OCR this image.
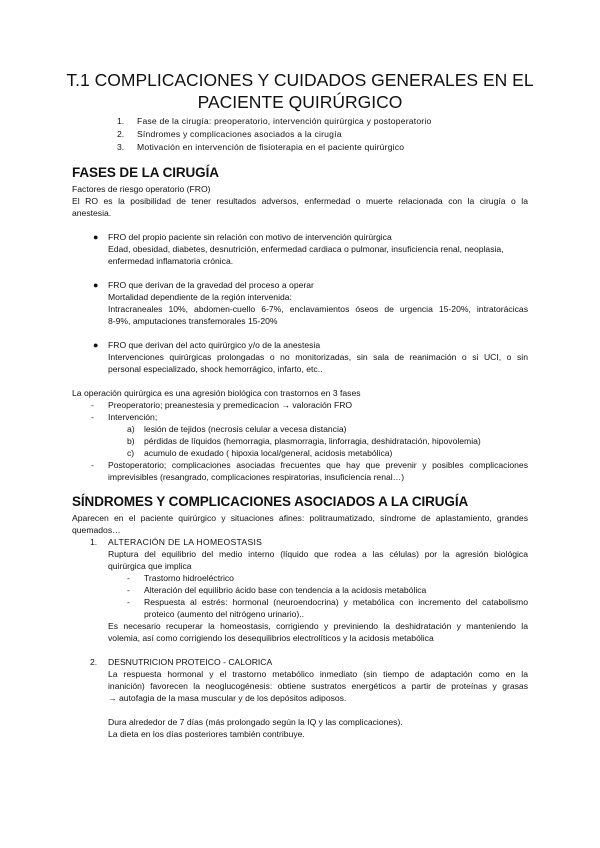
T.1 COMPLICACIONES Y CUIDADOS GENERALES EN EL
PACIENTE QUIRÚRGICO
1. Fase de la cirugía: preoperatorio, intervención quirúrgica y postoperatorio
2. Síndromes y complicaciones asociados a la cirugía
3. Motivación en intervención de fisioterapia en el paciente quirúrgico
FASES DE LA CIRUGÍA
Factores de riesgo operatorio (FRO)
El RO es la posibilidad de tener resultados adversos, enfermedad o muerte relacionada con la cirugía o la
anestesia.
● FRO del propio paciente sin relación con motivo de intervención quirúrgica
Edad, obesidad, diabetes, desnutrición, enfermedad cardiaca o pulmonar, insuficiencia renal, neoplasia,
enfermedad inflamatoria crónica.
● FRO que derivan de la gravedad del proceso a operar
Mortalidad dependiente de la región intervenida:
Intracraneales 10%, abdomen-cuello 6-7%, enclavamientos óseos de urgencia 15-20%, intratorácicas
8-9%, amputaciones transfemorales 15-20%
● FRO que derivan del acto quirúrgico y/o de la anestesia
Intervenciones quirúrgicas prolongadas o no monitorizadas, sin sala de reanimación o si UCI, o sin
personal especializado, shock hemorrágico, infarto, etc..
La operación quirúrgica es una agresión biológica con trastornos en 3 fases
- Preoperatorio; preanestesia y premedicacion → valoración FRO
- Intervención;
a) lesión de tejidos (necrosis celular a vecesa distancia)
b) pérdidas de líquidos (hemorragia, plasmorragia, linforragia, deshidratación, hipovolemia)
c) acumulo de exudado ( hipoxia local/general, acidosis metabólica)
- Postoperatorio; complicaciones asociadas frecuentes que hay que prevenir y posibles complicaciones
imprevisibles (resangrado, complicaciones respiratorias, insuficiencia renal…)
SÍNDROMES Y COMPLICACIONES ASOCIADOS A LA CIRUGÍA
Aparecen en el paciente quirúrgico y situaciones afines: politraumatizado, síndrome de aplastamiento, grandes
quemados…
1. ALTERACIÓN DE LA HOMEOSTASIS
Ruptura del equilibrio del medio interno (líquido que rodea a las células) por la agresión biológica
quirúrgica que implica
- Trastorno hidroeléctrico
- Alteración del equilibrio ácido base con tendencia a la acidosis metabólica
- Respuesta al estrés: hormonal (neuroendocrina) y metabólica con incremento del catabolismo
proteico (aumento del nitrógeno urinario)..
Es necesario recuperar la homeostasis, corrigiendo y previniendo la deshidratación y manteniendo la
volemia, así como corrigiendo los desequilibrios electrolíticos y la acidosis metabólica
2. DESNUTRICION PROTEICO - CALORICA
La respuesta hormonal y el trastorno metabólico inmediato (sin tiempo de adaptación como en la
inanición) favorecen la neoglucogénesis: obtiene sustratos energéticos a partir de proteínas y grasas
→ autofagia de la masa muscular y de los depósitos adiposos.
Dura alrededor de 7 días (más prolongado según la IQ y las complicaciones).
La dieta en los días posteriores también contribuye.
